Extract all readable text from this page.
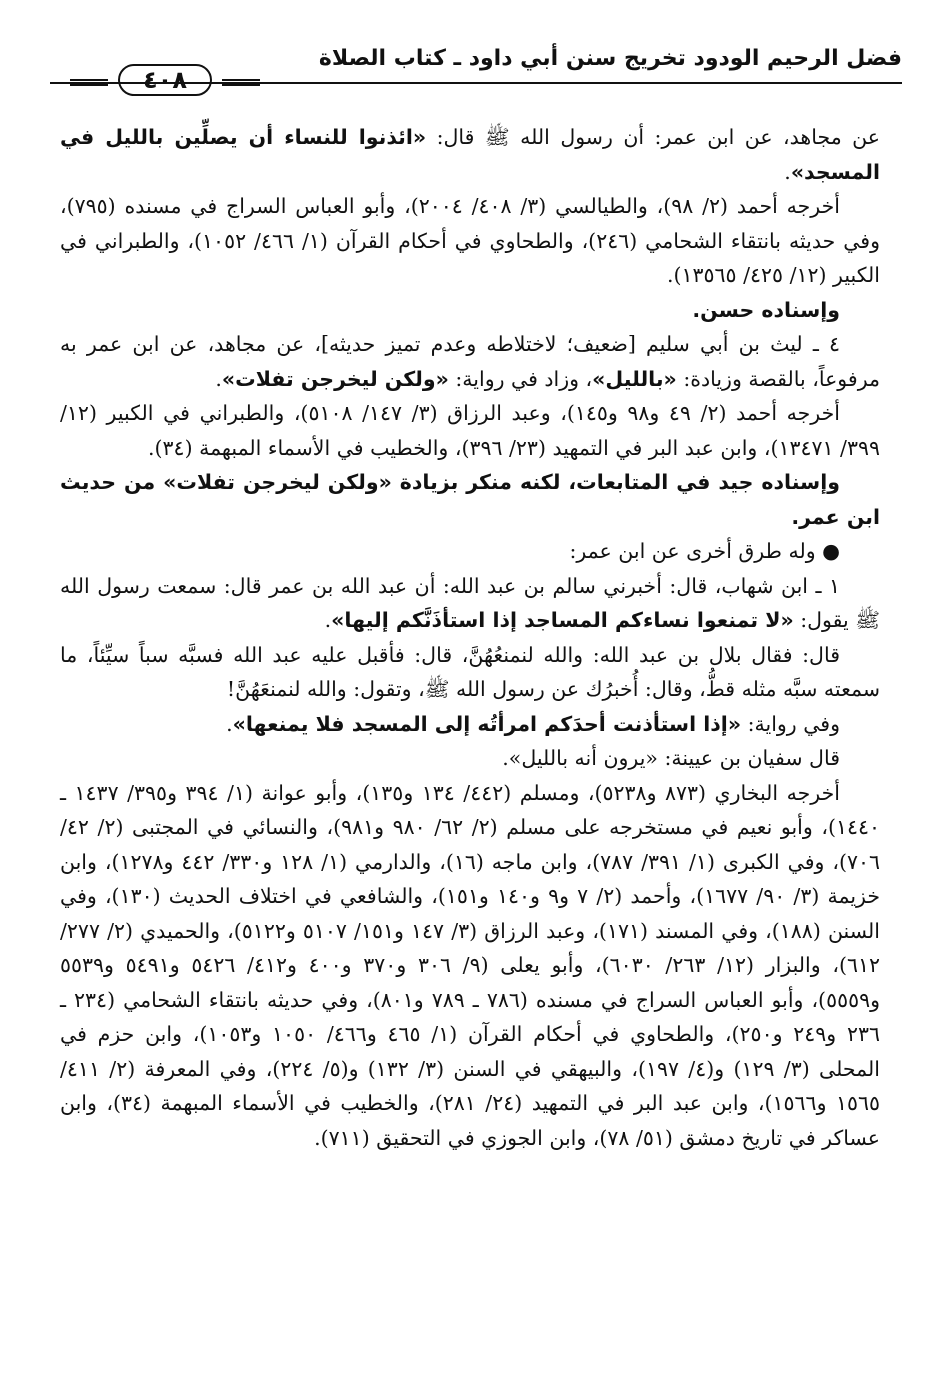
فضل الرحيم الودود تخريج سنن أبي داود ـ كتاب الصلاة
٤٠٨

عن مجاهد، عن ابن عمر: أن رسول الله ﷺ قال: «ائذنوا للنساء أن يصلِّين بالليل في المسجد».

أخرجه أحمد (٢/ ٩٨)، والطيالسي (٣/ ٤٠٨/ ٢٠٠٤)، وأبو العباس السراج في مسنده (٧٩٥)، وفي حديثه بانتقاء الشحامي (٢٤٦)، والطحاوي في أحكام القرآن (١/ ٤٦٦/ ١٠٥٢)، والطبراني في الكبير (١٢/ ٤٢٥/ ١٣٥٦٥).

وإسناده حسن.

٤ ـ ليث بن أبي سليم [ضعيف؛ لاختلاطه وعدم تميز حديثه]، عن مجاهد، عن ابن عمر به مرفوعاً، بالقصة وزيادة: «بالليل»، وزاد في رواية: «ولكن ليخرجن تفلات».

أخرجه أحمد (٢/ ٤٩ و٩٨ و١٤٥)، وعبد الرزاق (٣/ ١٤٧/ ٥١٠٨)، والطبراني في الكبير (١٢/ ٣٩٩/ ١٣٤٧١)، وابن عبد البر في التمهيد (٢٣/ ٣٩٦)، والخطيب في الأسماء المبهمة (٣٤).

وإسناده جيد في المتابعات، لكنه منكر بزيادة «ولكن ليخرجن تفلات» من حديث ابن عمر.

● وله طرق أخرى عن ابن عمر:

١ ـ ابن شهاب، قال: أخبرني سالم بن عبد الله: أن عبد الله بن عمر قال: سمعت رسول الله ﷺ يقول: «لا تمنعوا نساءكم المساجد إذا استأذَنَّكم إليها».

قال: فقال بلال بن عبد الله: والله لنمنعُهُنَّ، قال: فأقبل عليه عبد الله فسبَّه سباً سيِّئاً، ما سمعته سبَّه مثله قطُّ، وقال: أُخبرُك عن رسول الله ﷺ، وتقول: والله لنمنعَهُنَّ!

وفي رواية: «إذا استأذنت أحدَكم امرأتُه إلى المسجد فلا يمنعها».

قال سفيان بن عيينة: «يرون أنه بالليل».

أخرجه البخاري (٨٧٣ و٥٢٣٨)، ومسلم (٤٤٢/ ١٣٤ و١٣٥)، وأبو عوانة (١/ ٣٩٤ و٣٩٥/ ١٤٣٧ ـ ١٤٤٠)، وأبو نعيم في مستخرجه على مسلم (٢/ ٦٢/ ٩٨٠ و٩٨١)، والنسائي في المجتبى (٢/ ٤٢/ ٧٠٦)، وفي الكبرى (١/ ٣٩١/ ٧٨٧)، وابن ماجه (١٦)، والدارمي (١/ ١٢٨ و٣٣٠/ ٤٤٢ و١٢٧٨)، وابن خزيمة (٣/ ٩٠/ ١٦٧٧)، وأحمد (٢/ ٧ و٩ و١٤٠ و١٥١)، والشافعي في اختلاف الحديث (١٣٠)، وفي السنن (١٨٨)، وفي المسند (١٧١)، وعبد الرزاق (٣/ ١٤٧ و١٥١/ ٥١٠٧ و٥١٢٢)، والحميدي (٢/ ٢٧٧/ ٦١٢)، والبزار (١٢/ ٢٦٣/ ٦٠٣٠)، وأبو يعلى (٩/ ٣٠٦ و٣٧٠ و٤٠٠ و٤١٢/ ٥٤٢٦ و٥٤٩١ و٥٥٣٩ و٥٥٥٩)، وأبو العباس السراج في مسنده (٧٨٦ ـ ٧٨٩ و٨٠١)، وفي حديثه بانتقاء الشحامي (٢٣٤ ـ ٢٣٦ و٢٤٩ و٢٥٠)، والطحاوي في أحكام القرآن (١/ ٤٦٥ و٤٦٦/ ١٠٥٠ و١٠٥٣)، وابن حزم في المحلى (٣/ ١٢٩) و(٤/ ١٩٧)، والبيهقي في السنن (٣/ ١٣٢) و(٥/ ٢٢٤)، وفي المعرفة (٢/ ٤١١/ ١٥٦٥ و١٥٦٦)، وابن عبد البر في التمهيد (٢٤/ ٢٨١)، والخطيب في الأسماء المبهمة (٣٤)، وابن عساكر في تاريخ دمشق (٥١/ ٧٨)، وابن الجوزي في التحقيق (٧١١).
